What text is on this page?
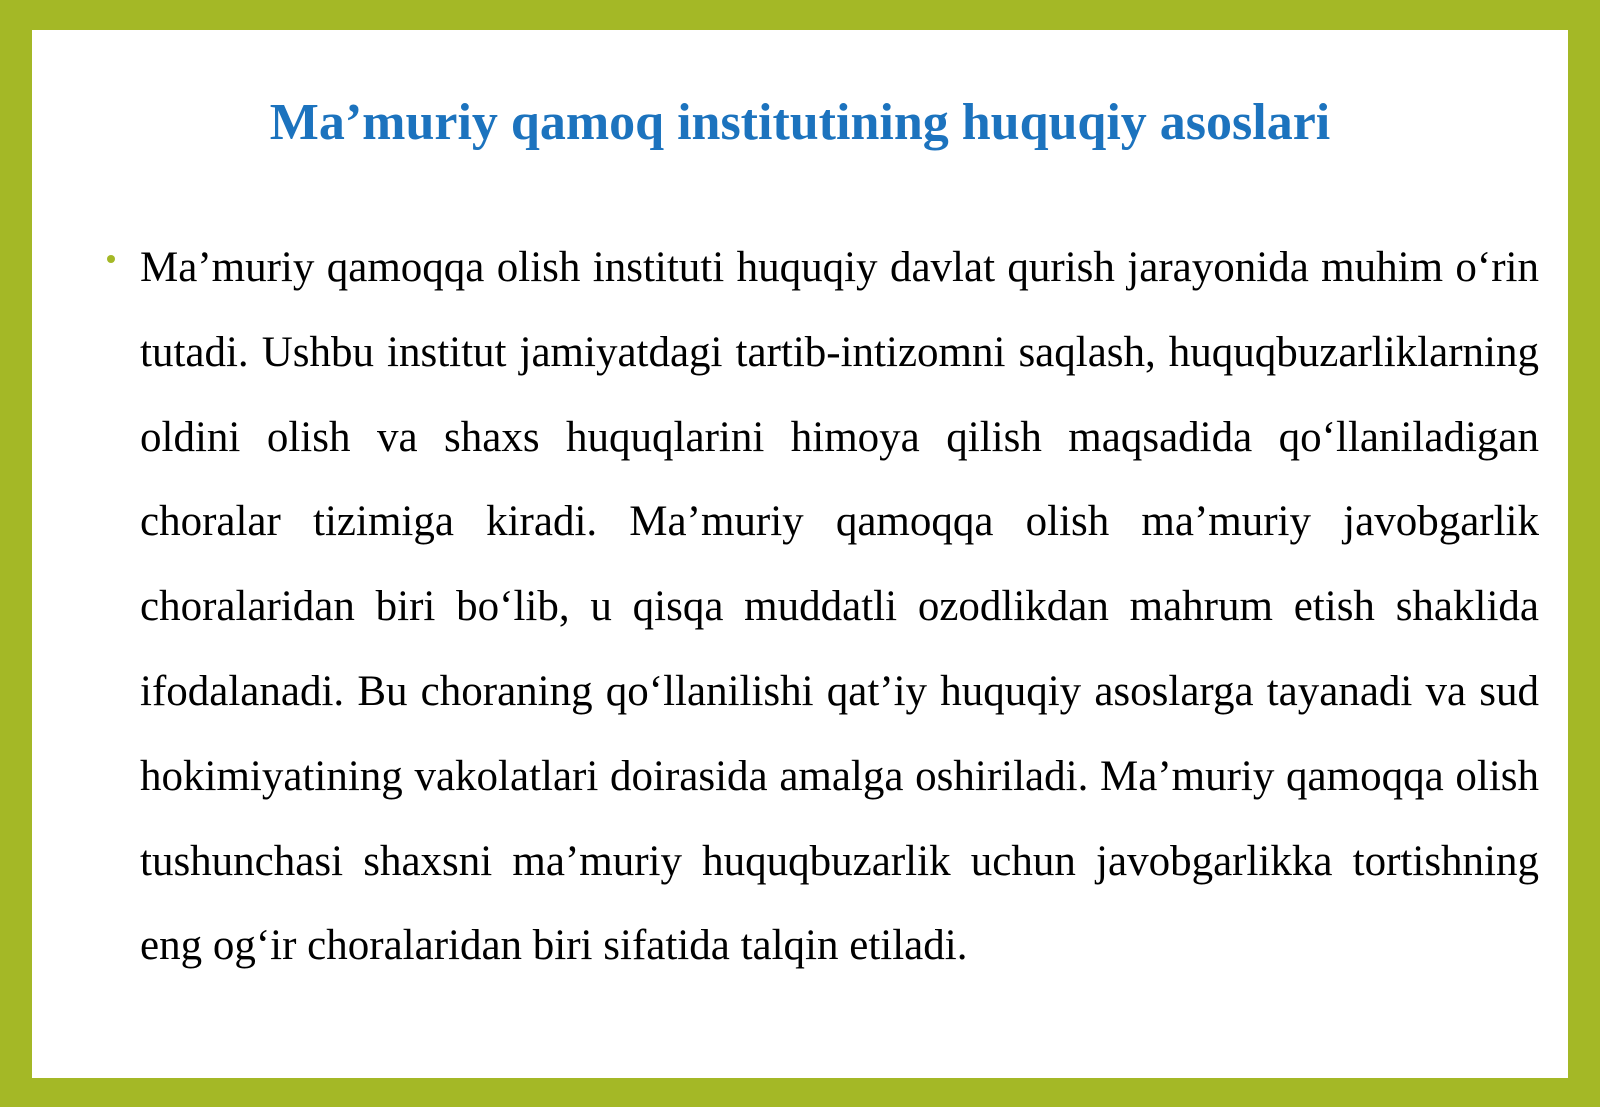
Ma’muriy qamoq institutining huquqiy asoslari

Ma’muriy qamoqqa olish instituti huquqiy davlat qurish jarayonida muhim o‘rin tutadi. Ushbu institut jamiyatdagi tartib-intizomni saqlash, huquqbuzarliklarning oldini olish va shaxs huquqlarini himoya qilish maqsadida qo‘llaniladigan choralar tizimiga kiradi. Ma’muriy qamoqqa olish ma’muriy javobgarlik choralaridan biri bo‘lib, u qisqa muddatli ozodlikdan mahrum etish shaklida ifodalanadi. Bu choraning qo‘llanilishi qat’iy huquqiy asoslarga tayanadi va sud hokimiyatining vakolatlari doirasida amalga oshiriladi. Ma’muriy qamoqqa olish tushunchasi shaxsni ma’muriy huquqbuzarlik uchun javobgarlikka tortishning eng og‘ir choralaridan biri sifatida talqin etiladi.
